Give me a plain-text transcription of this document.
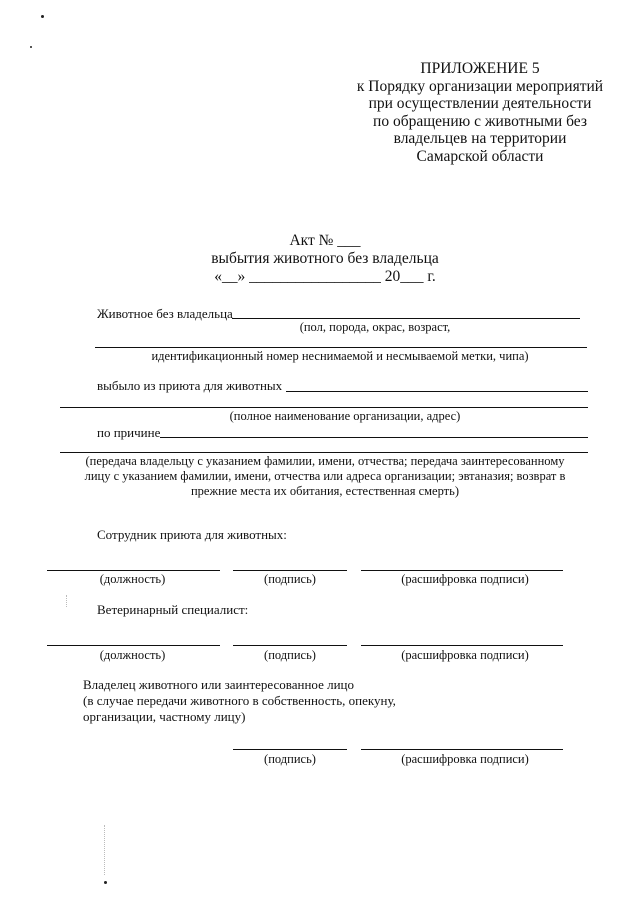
ПРИЛОЖЕНИЕ 5
к Порядку организации мероприятий
при осуществлении деятельности
по обращению с животными без
владельцев на территории
Самарской области
Акт № ___
выбытия животного без владельца
«__» _________________ 20___ г.
Животное без владельца
(пол, порода, окрас, возраст,
идентификационный номер неснимаемой и несмываемой метки, чипа)
выбыло из приюта для животных
(полное наименование организации, адрес)
по причине
(передача владельцу с указанием фамилии, имени, отчества; передача заинтересованному
лицу с указанием фамилии, имени, отчества или адреса организации; эвтаназия; возврат в
прежние места их обитания, естественная смерть)
Сотрудник приюта для животных:
(должность)	(подпись)	(расшифровка подписи)
Ветеринарный специалист:
(должность)	(подпись)	(расшифровка подписи)
Владелец животного или заинтересованное лицо
(в случае передачи животного в собственность, опекуну,
организации, частному лицу)
(подпись)	(расшифровка подписи)
